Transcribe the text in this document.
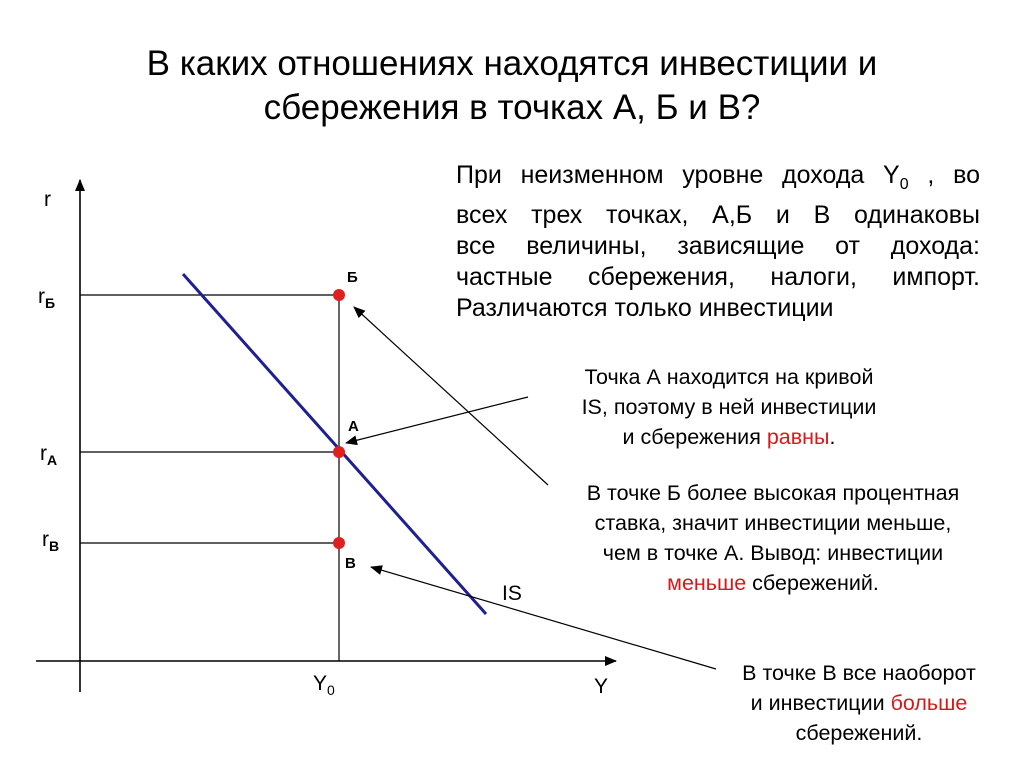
В каких отношениях находятся инвестиции и
сбережения в точках А, Б и В?
При неизменном уровне дохода $Y_0$ , во
всех трех точках, А,Б и В одинаковы
все величины, зависящие от дохода:
частные сбережения, налоги, импорт.
Различаются только инвестиции
Точка А находится на кривой
IS, поэтому в ней инвестиции
и сбережения равны.
В точке Б более высокая процентная
ставка, значит инвестиции меньше,
чем в точке А. Вывод: инвестиции
меньше сбережений.
В точке В все наоборот
и инвестиции больше
сбережений.
r
Y
$Y_0$
$r_Б$
$r_А$
$r_В$
IS
Б
А
В
